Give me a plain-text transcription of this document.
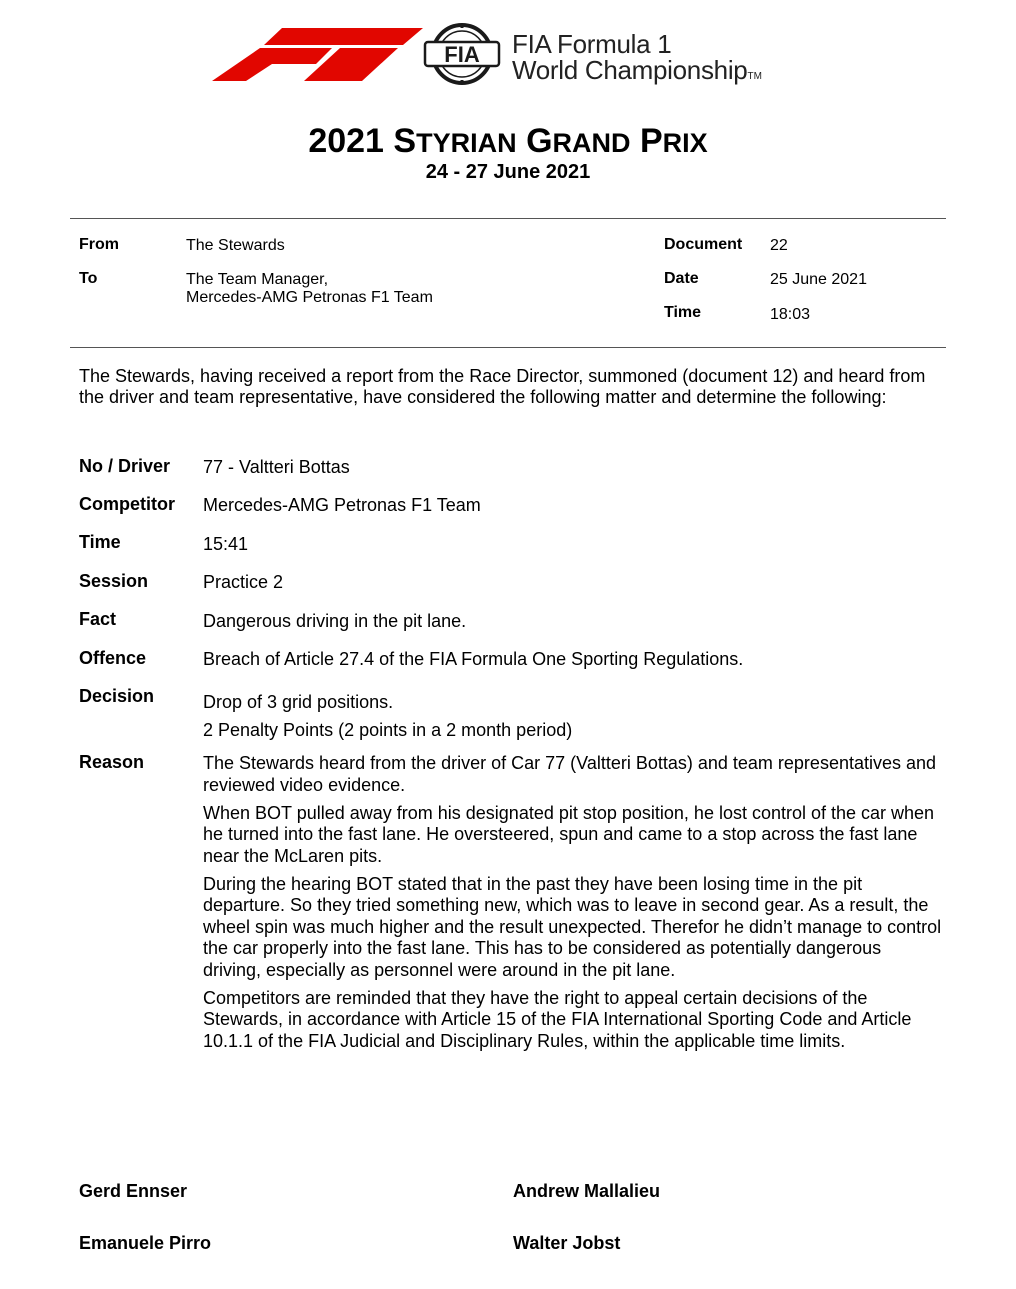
FIA FIA Formula 1
World ChampionshipTM
2021 STYRIAN GRAND PRIX
24 - 27 June 2021
From	The Stewards
To	The Team Manager,
Mercedes-AMG Petronas F1 Team
Document 22
Date	25 June 2021
Time	18:03
The Stewards, having received a report from the Race Director, summoned (document 12) and heard from the driver and team representative, have considered the following matter and determine the following:
No / Driver 77 - Valtteri Bottas
Competitor Mercedes-AMG Petronas F1 Team
Time	15:41
Session	Practice 2
Fact	Dangerous driving in the pit lane.
Offence	Breach of Article 27.4 of the FIA Formula One Sporting Regulations.
Decision	Drop of 3 grid positions.
2 Penalty Points (2 points in a 2 month period)
Reason	The Stewards heard from the driver of Car 77 (Valtteri Bottas) and team representatives and reviewed video evidence.

When BOT pulled away from his designated pit stop position, he lost control of the car when he turned into the fast lane. He oversteered, spun and came to a stop across the fast lane near the McLaren pits.

During the hearing BOT stated that in the past they have been losing time in the pit departure. So they tried something new, which was to leave in second gear. As a result, the wheel spin was much higher and the result unexpected. Therefor he didn’t manage to control the car properly into the fast lane. This has to be considered as potentially dangerous driving, especially as personnel were around in the pit lane.

Competitors are reminded that they have the right to appeal certain decisions of the Stewards, in accordance with Article 15 of the FIA International Sporting Code and Article 10.1.1 of the FIA Judicial and Disciplinary Rules, within the applicable time limits.

Gerd Ennser	Andrew Mallalieu
Emanuele Pirro	Walter Jobst
